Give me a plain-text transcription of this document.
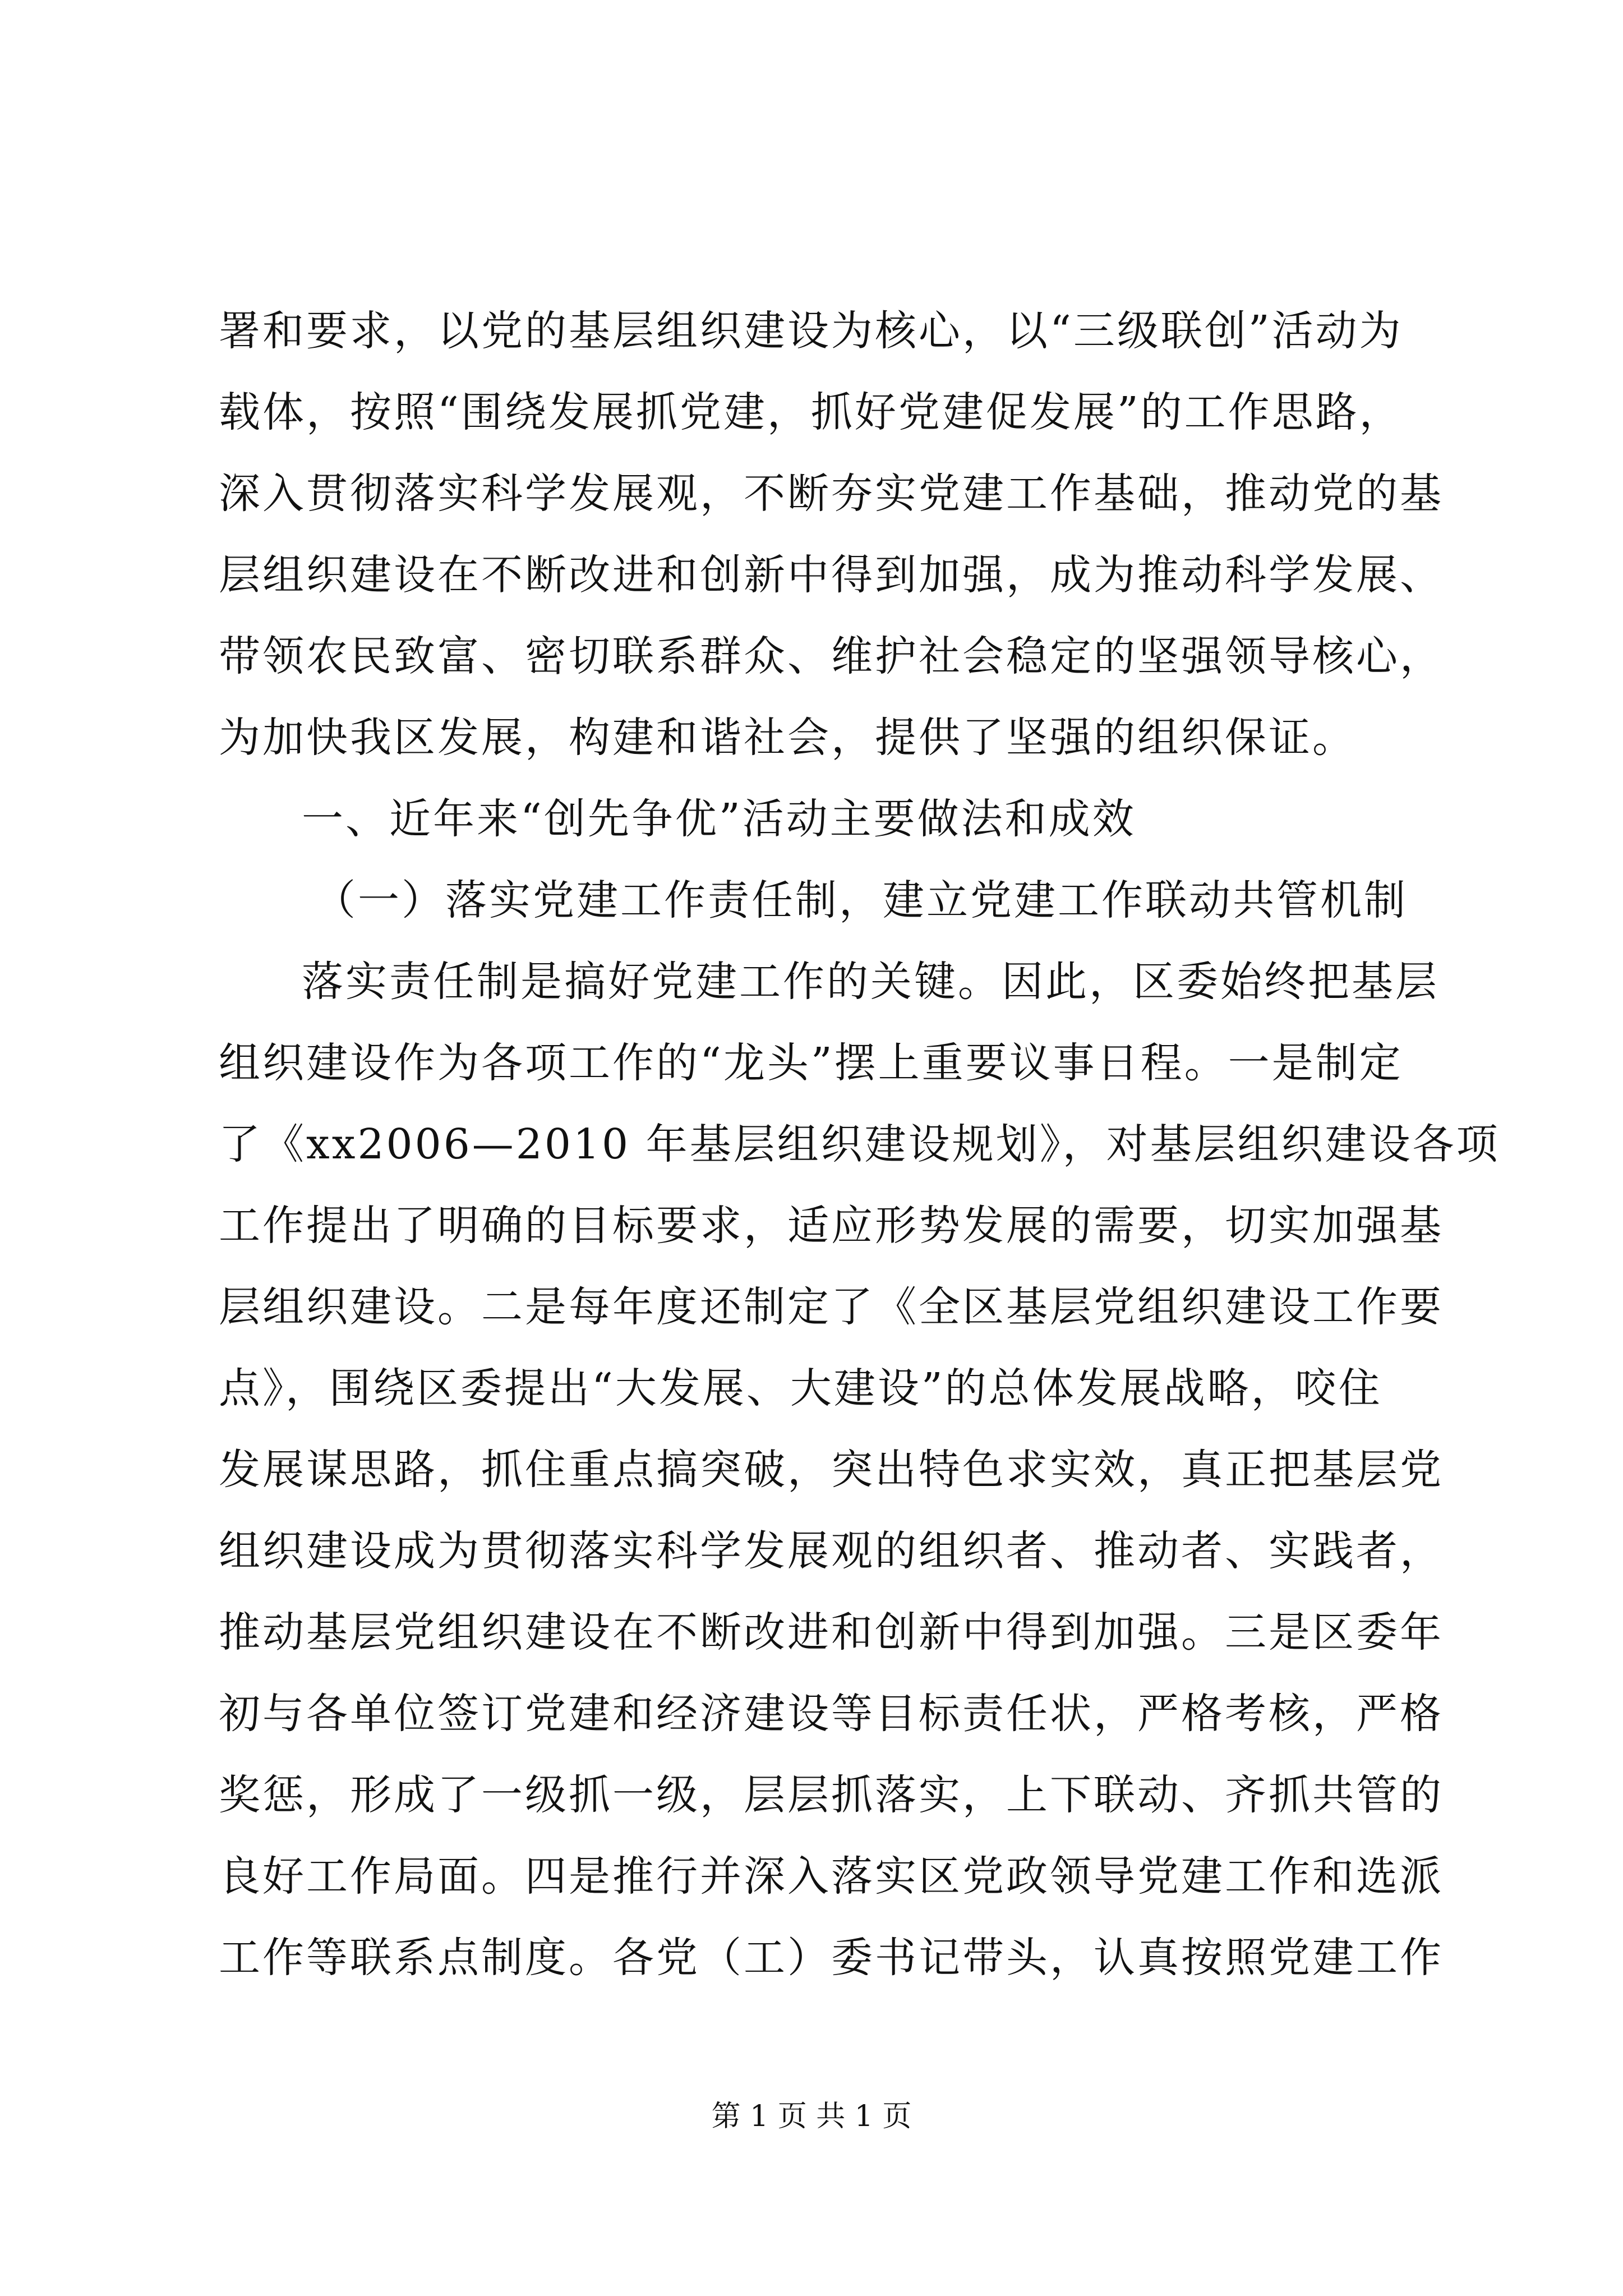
署和要求，以党的基层组织建设为核心，以“三级联创”活动为
载体，按照“围绕发展抓党建，抓好党建促发展”的工作思路，
深入贯彻落实科学发展观，不断夯实党建工作基础，推动党的基
层组织建设在不断改进和创新中得到加强，成为推动科学发展、
带领农民致富、密切联系群众、维护社会稳定的坚强领导核心，
为加快我区发展，构建和谐社会，提供了坚强的组织保证。
一、近年来“创先争优”活动主要做法和成效
（一）落实党建工作责任制，建立党建工作联动共管机制
落实责任制是搞好党建工作的关键。因此，区委始终把基层
组织建设作为各项工作的“龙头”摆上重要议事日程。一是制定
了《xx2006—2010 年基层组织建设规划》，对基层组织建设各项
工作提出了明确的目标要求，适应形势发展的需要，切实加强基
层组织建设。二是每年度还制定了《全区基层党组织建设工作要
点》，围绕区委提出“大发展、大建设”的总体发展战略，咬住
发展谋思路，抓住重点搞突破，突出特色求实效，真正把基层党
组织建设成为贯彻落实科学发展观的组织者、推动者、实践者，
推动基层党组织建设在不断改进和创新中得到加强。三是区委年
初与各单位签订党建和经济建设等目标责任状，严格考核，严格
奖惩，形成了一级抓一级，层层抓落实，上下联动、齐抓共管的
良好工作局面。四是推行并深入落实区党政领导党建工作和选派
工作等联系点制度。各党（工）委书记带头，认真按照党建工作
第 1 页 共 1 页
